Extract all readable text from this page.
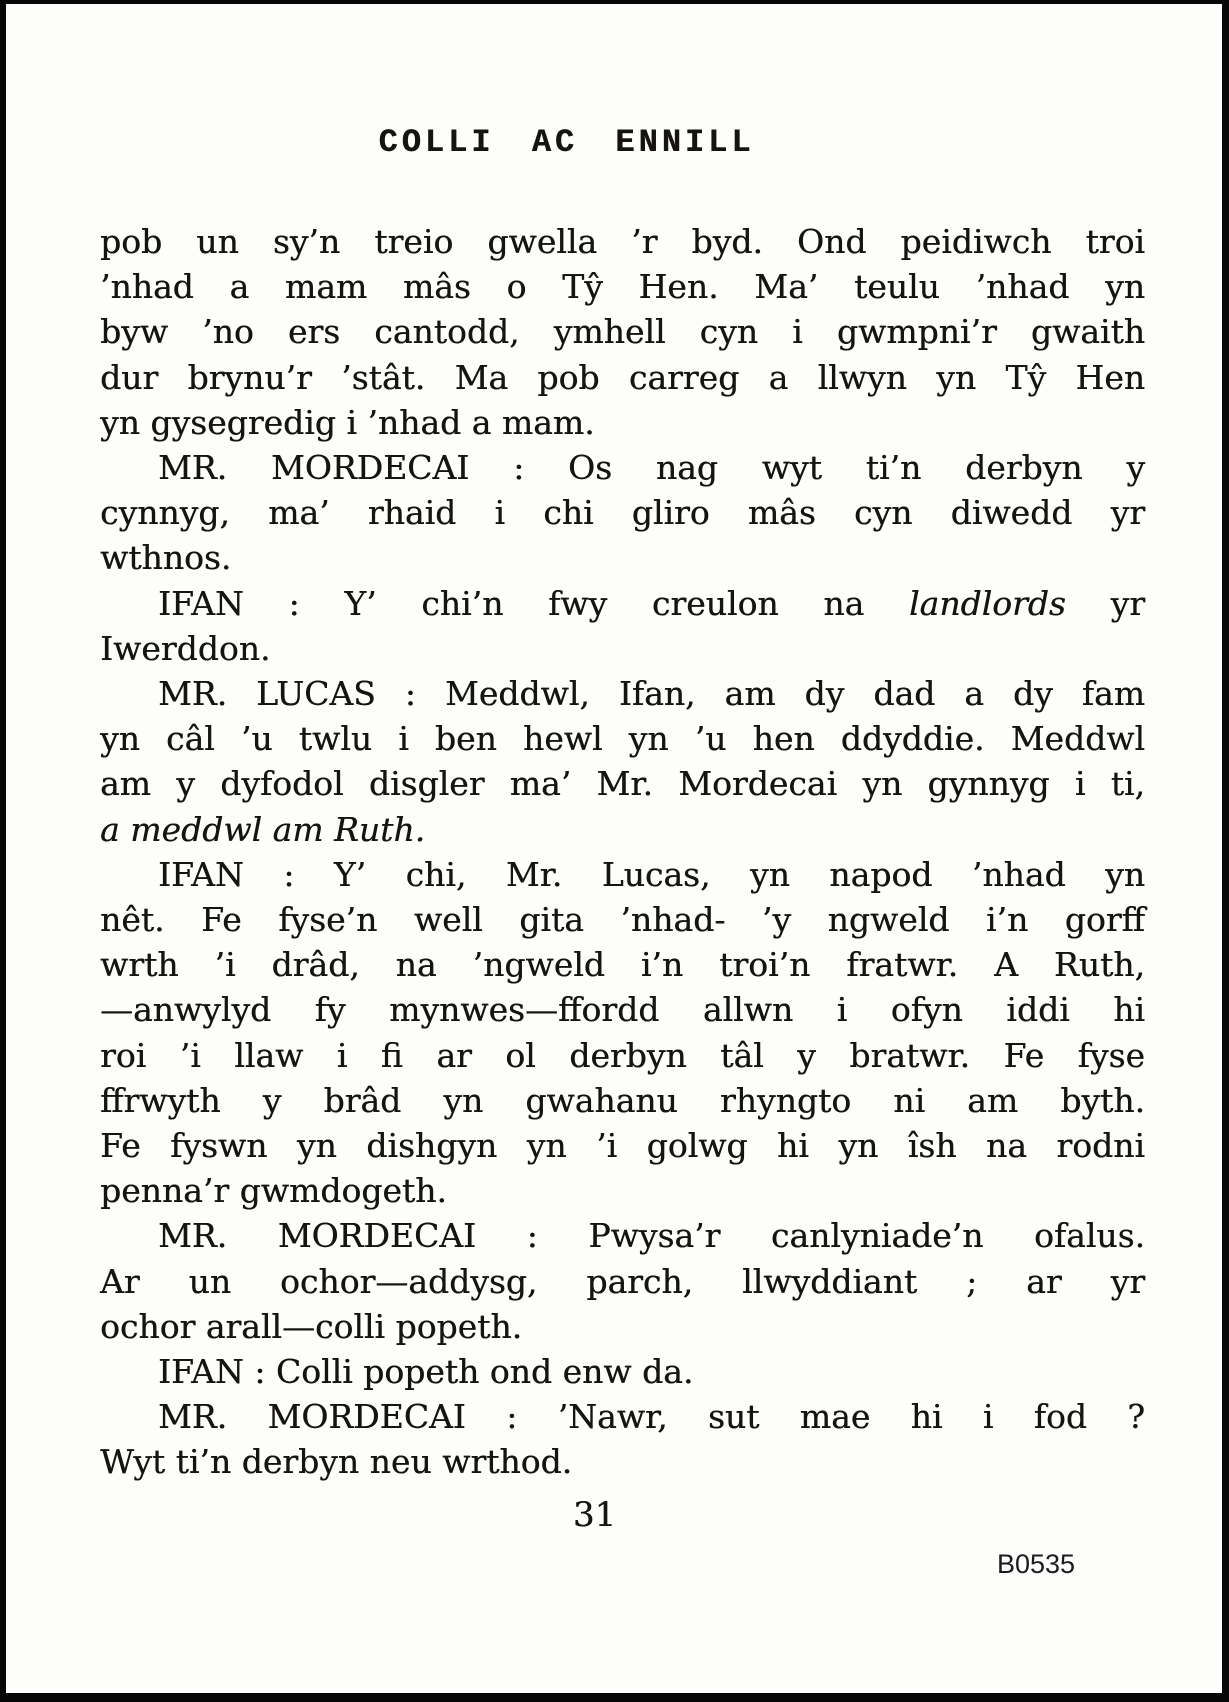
COLLI AC ENNILL
pob un sy’n treio gwella ’r byd. Ond peidiwch troi
’nhad a mam mâs o Tŷ Hen. Ma’ teulu ’nhad yn
byw ’no ers cantodd, ymhell cyn i gwmpni’r gwaith
dur brynu’r ’stât. Ma pob carreg a llwyn yn Tŷ Hen
yn gysegredig i ’nhad a mam.
MR. MORDECAI : Os nag wyt ti’n derbyn y
cynnyg, ma’ rhaid i chi gliro mâs cyn diwedd yr
wthnos.
IFAN : Y’ chi’n fwy creulon na landlords yr
Iwerddon.
MR. LUCAS : Meddwl, Ifan, am dy dad a dy fam
yn câl ’u twlu i ben hewl yn ’u hen ddyddie. Meddwl
am y dyfodol disgler ma’ Mr. Mordecai yn gynnyg i ti,
a meddwl am Ruth.
IFAN : Y’ chi, Mr. Lucas, yn napod ’nhad yn
nêt. Fe fyse’n well gita ’nhad- ’y ngweld i’n gorff
wrth ’i drâd, na ’ngweld i’n troi’n fratwr. A Ruth,
—anwylyd fy mynwes—ffordd allwn i ofyn iddi hi
roi ’i llaw i fi ar ol derbyn tâl y bratwr. Fe fyse
ffrwyth y brâd yn gwahanu rhyngto ni am byth.
Fe fyswn yn dishgyn yn ’i golwg hi yn îsh na rodni
penna’r gwmdogeth.
MR. MORDECAI : Pwysa’r canlyniade’n ofalus.
Ar un ochor—addysg, parch, llwyddiant ; ar yr
ochor arall—colli popeth.
IFAN : Colli popeth ond enw da.
MR. MORDECAI : ’Nawr, sut mae hi i fod ?
Wyt ti’n derbyn neu wrthod.
31
B0535
